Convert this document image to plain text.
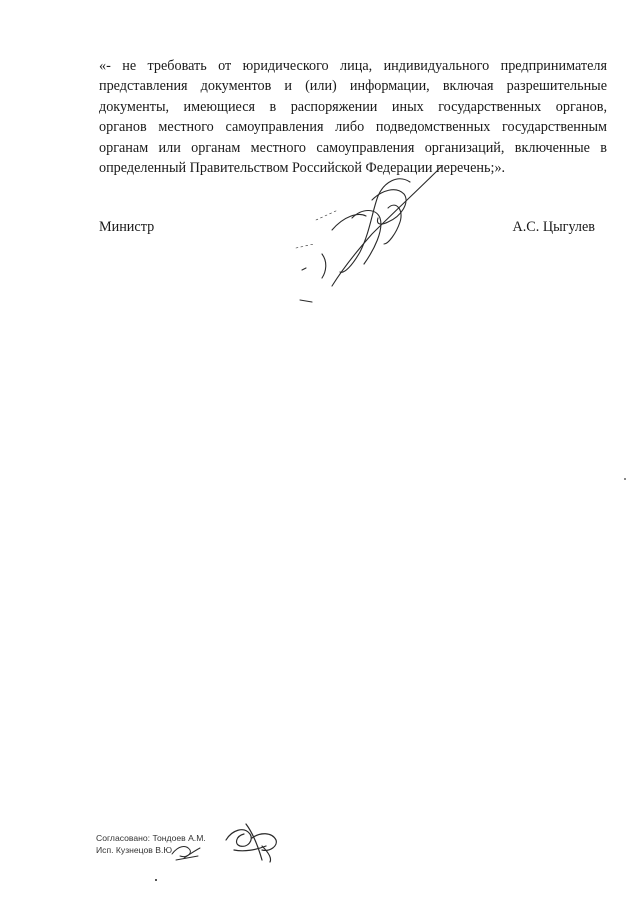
«- не требовать от юридического лица, индивидуального предпринимателя
представления документов и (или) информации, включая разрешительные
документы, имеющиеся в распоряжении иных государственных органов,
органов местного самоуправления либо подведомственных государственным
органам или органам местного самоуправления организаций, включенные в
определенный Правительством Российской Федерации перечень;».
Министр	А.С. Цыгулев
Согласовано: Тондоев А.М.
Исп. Кузнецов В.Ю.
